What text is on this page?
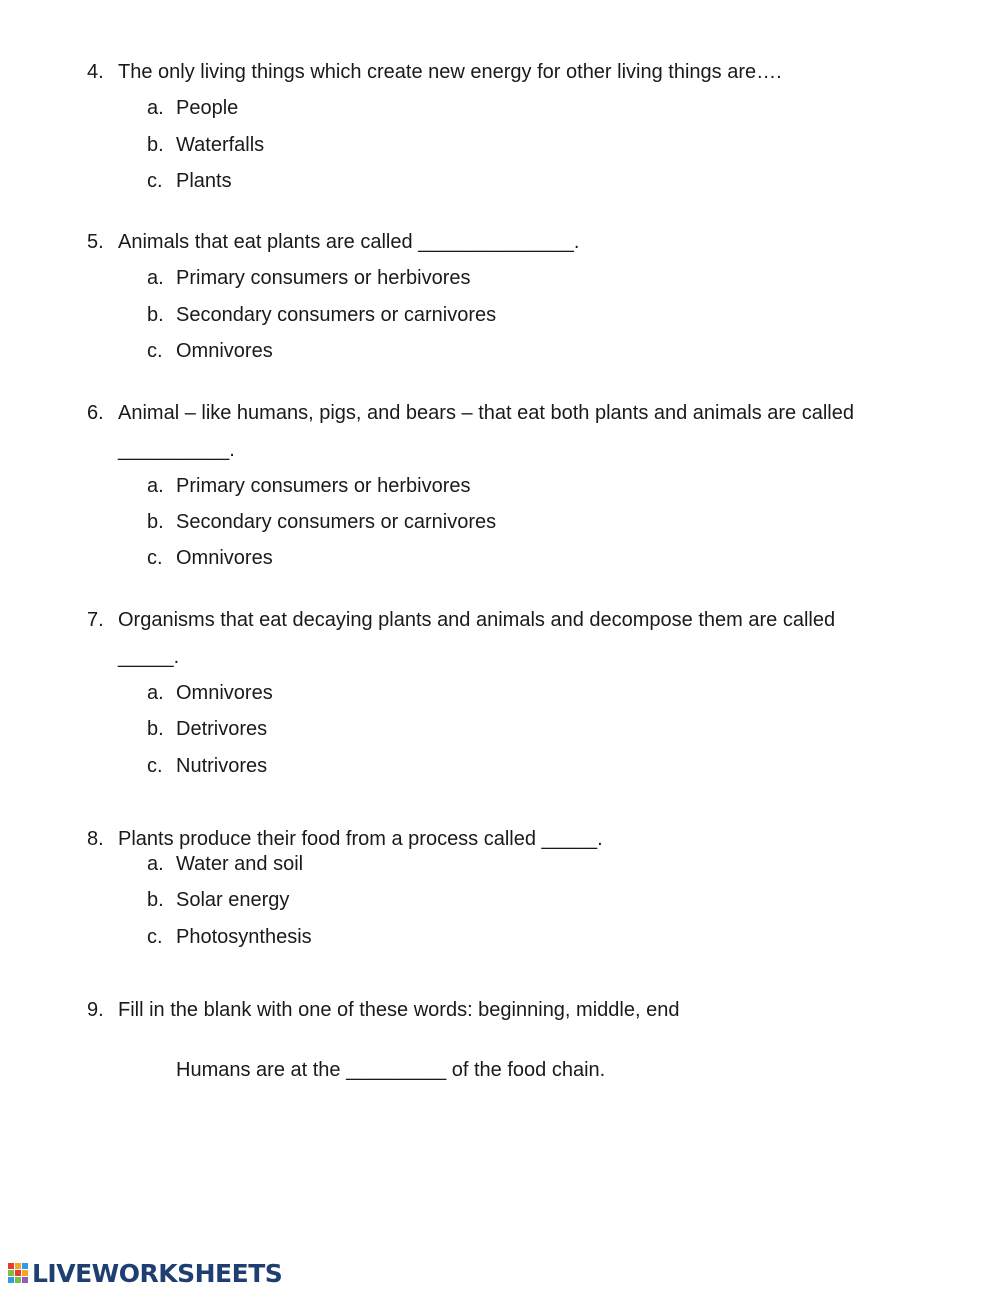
4. The only living things which create new energy for other living things are….
a. People
b. Waterfalls
c. Plants
5. Animals that eat plants are called ______________.
a. Primary consumers or herbivores
b. Secondary consumers or carnivores
c. Omnivores
6. Animal – like humans, pigs, and bears – that eat both plants and animals are called
__________.
a. Primary consumers or herbivores
b. Secondary consumers or carnivores
c. Omnivores
7. Organisms that eat decaying plants and animals and decompose them are called
_____.
a. Omnivores
b. Detrivores
c. Nutrivores
8. Plants produce their food from a process called _____.
a. Water and soil
b. Solar energy
c. Photosynthesis
9. Fill in the blank with one of these words: beginning, middle, end
Humans are at the _________ of the food chain.
LIVEWORKSHEETS
